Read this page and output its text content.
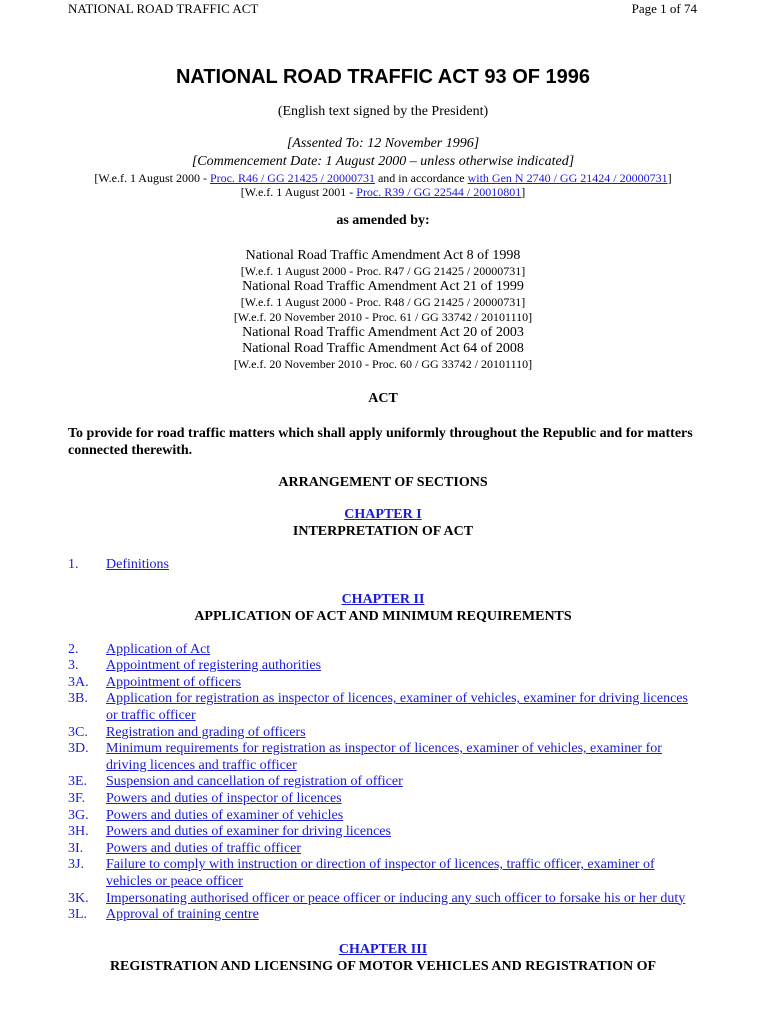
NATIONAL ROAD TRAFFIC ACT	Page 1 of 74
NATIONAL ROAD TRAFFIC ACT 93 OF 1996
(English text signed by the President)
[Assented To: 12 November 1996]
[Commencement Date: 1 August 2000 – unless otherwise indicated]
[W.e.f. 1 August 2000 - Proc. R46 / GG 21425 / 20000731 and in accordance with Gen N 2740 / GG 21424 / 20000731]
[W.e.f. 1 August 2001 - Proc. R39 / GG 22544 / 20010801]
as amended by:
National Road Traffic Amendment Act 8 of 1998
[W.e.f. 1 August 2000 - Proc. R47 / GG 21425 / 20000731]
National Road Traffic Amendment Act 21 of 1999
[W.e.f. 1 August 2000 - Proc. R48 / GG 21425 / 20000731]
[W.e.f. 20 November 2010 - Proc. 61 / GG 33742 / 20101110]
National Road Traffic Amendment Act 20 of 2003
National Road Traffic Amendment Act 64 of 2008
[W.e.f. 20 November 2010 - Proc. 60 / GG 33742 / 20101110]
ACT
To provide for road traffic matters which shall apply uniformly throughout the Republic and for matters connected therewith.
ARRANGEMENT OF SECTIONS
CHAPTER I
INTERPRETATION OF ACT
1. Definitions
CHAPTER II
APPLICATION OF ACT AND MINIMUM REQUIREMENTS
2. Application of Act
3. Appointment of registering authorities
3A. Appointment of officers
3B. Application for registration as inspector of licences, examiner of vehicles, examiner for driving licences or traffic officer
3C. Registration and grading of officers
3D. Minimum requirements for registration as inspector of licences, examiner of vehicles, examiner for driving licences and traffic officer
3E. Suspension and cancellation of registration of officer
3F. Powers and duties of inspector of licences
3G. Powers and duties of examiner of vehicles
3H. Powers and duties of examiner for driving licences
3I. Powers and duties of traffic officer
3J. Failure to comply with instruction or direction of inspector of licences, traffic officer, examiner of vehicles or peace officer
3K. Impersonating authorised officer or peace officer or inducing any such officer to forsake his or her duty
3L. Approval of training centre
CHAPTER III
REGISTRATION AND LICENSING OF MOTOR VEHICLES AND REGISTRATION OF
